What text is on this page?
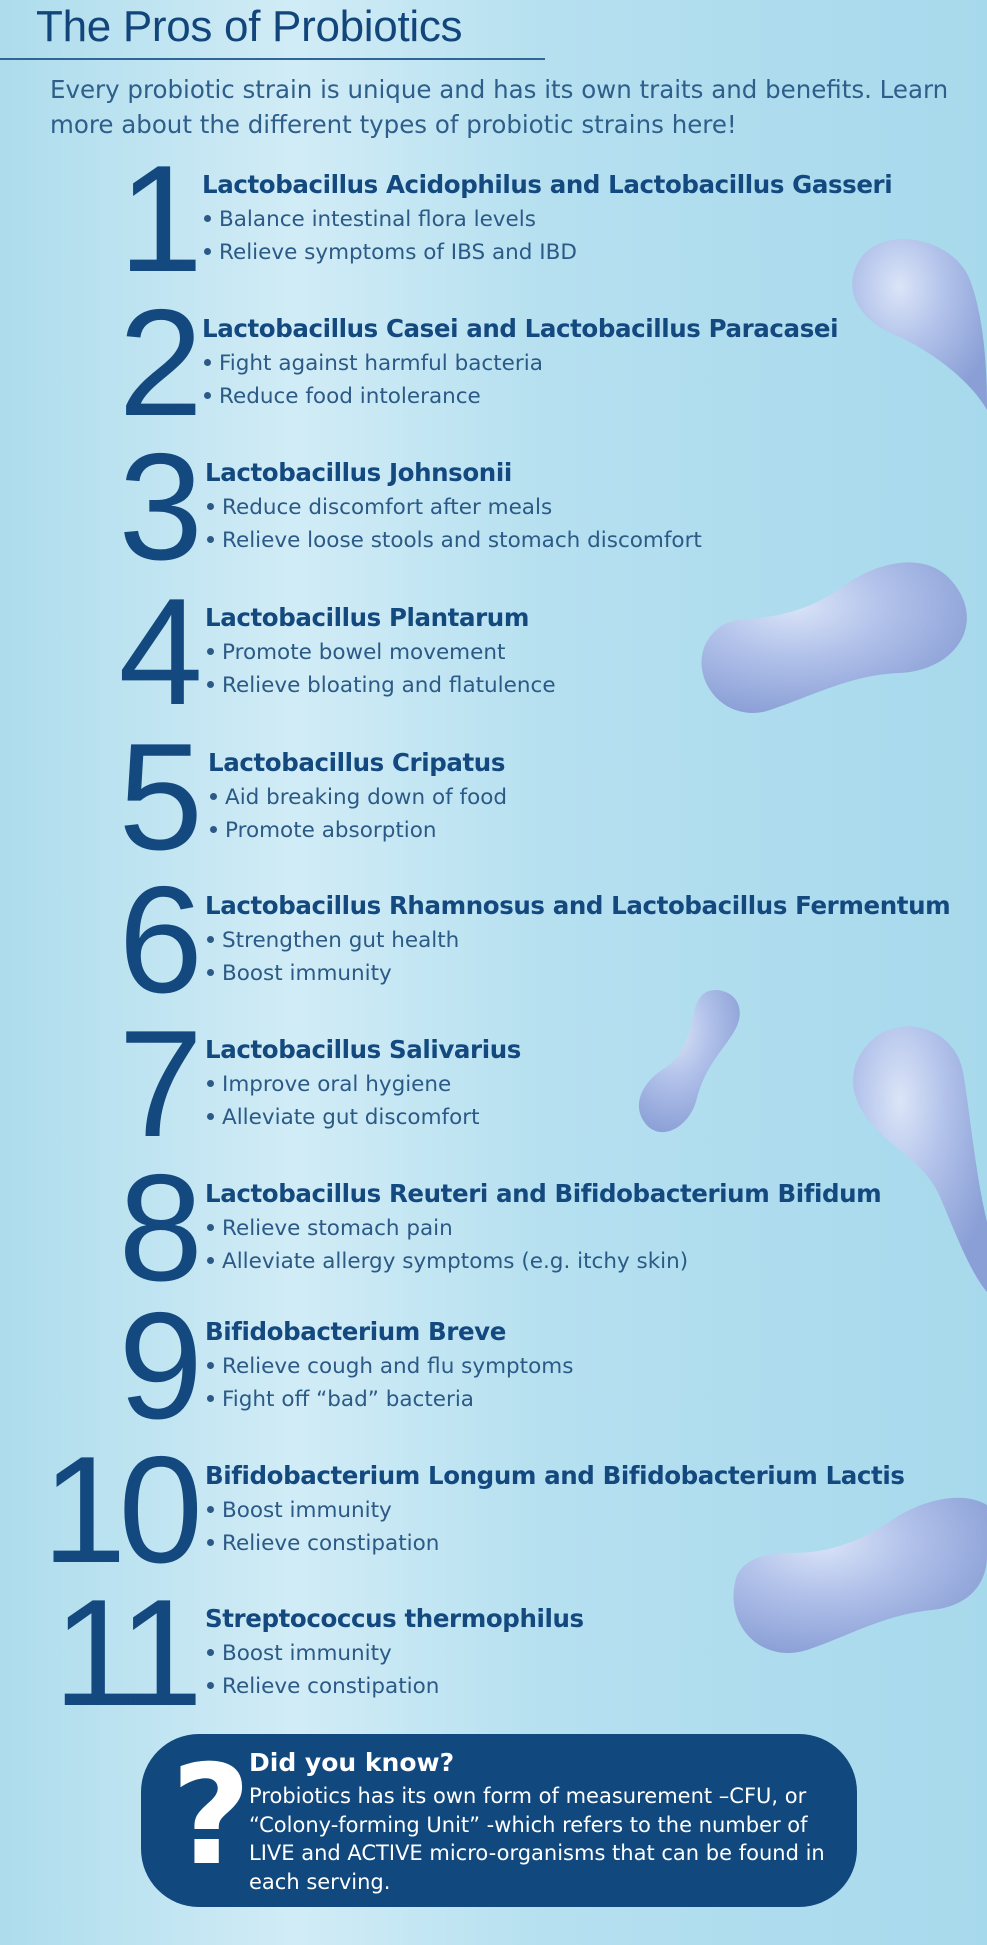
The Pros of Probiotics

Every probiotic strain is unique and has its own traits and benefits. Learn more about the different types of probiotic strains here!

1 Lactobacillus Acidophilus and Lactobacillus Gasseri
Balance intestinal flora levels
Relieve symptoms of IBS and IBD
2 Lactobacillus Casei and Lactobacillus Paracasei
Fight against harmful bacteria
Reduce food intolerance
3 Lactobacillus Johnsonii
Reduce discomfort after meals
Relieve loose stools and stomach discomfort
4 Lactobacillus Plantarum
Promote bowel movement
Relieve bloating and flatulence
5 Lactobacillus Cripatus
Aid breaking down of food
Promote absorption
6 Lactobacillus Rhamnosus and Lactobacillus Fermentum
Strengthen gut health
Boost immunity
7 Lactobacillus Salivarius
Improve oral hygiene
Alleviate gut discomfort
8 Lactobacillus Reuteri and Bifidobacterium Bifidum
Relieve stomach pain
Alleviate allergy symptoms (e.g. itchy skin)
9 Bifidobacterium Breve
Relieve cough and flu symptoms
Fight off “bad” bacteria
10 Bifidobacterium Longum and Bifidobacterium Lactis
Boost immunity
Relieve constipation
11 Streptococcus thermophilus
Boost immunity
Relieve constipation
?
Did you know?

Probiotics has its own form of measurement –CFU, or “Colony-forming Unit” -which refers to the number of LIVE and ACTIVE micro-organisms that can be found in each serving.
